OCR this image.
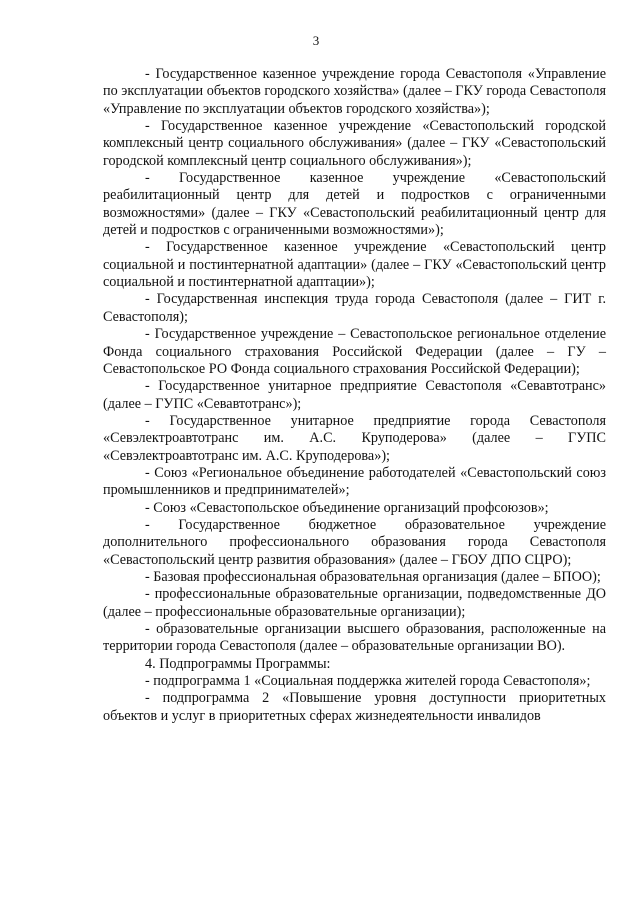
3

- Государственное казенное учреждение города Севастополя «Управление по эксплуатации объектов городского хозяйства» (далее – ГКУ города Севастополя «Управление по эксплуатации объектов городского хозяйства»);

- Государственное казенное учреждение «Севастопольский городской комплексный центр социального обслуживания» (далее – ГКУ «Севастопольский городской комплексный центр социального обслуживания»);

- Государственное казенное учреждение «Севастопольский реабилитационный центр для детей и подростков с ограниченными возможностями» (далее – ГКУ «Севастопольский реабилитационный центр для детей и подростков с ограниченными возможностями»);

- Государственное казенное учреждение «Севастопольский центр социальной и постинтернатной адаптации» (далее – ГКУ «Севастопольский центр социальной и постинтернатной адаптации»);

- Государственная инспекция труда города Севастополя (далее – ГИТ г. Севастополя);

- Государственное учреждение – Севастопольское региональное отделение Фонда социального страхования Российской Федерации (далее – ГУ – Севастопольское РО Фонда социального страхования Российской Федерации);

- Государственное унитарное предприятие Севастополя «Севавтотранс» (далее – ГУПС «Севавтотранс»);

- Государственное унитарное предприятие города Севастополя «Севэлектроавтотранс им. А.С. Круподерова» (далее – ГУПС «Севэлектроавтотранс им. А.С. Круподерова»);

- Союз «Региональное объединение работодателей «Севастопольский союз промышленников и предпринимателей»;

- Союз «Севастопольское объединение организаций профсоюзов»;

- Государственное бюджетное образовательное учреждение дополнительного профессионального образования города Севастополя «Севастопольский центр развития образования» (далее – ГБОУ ДПО СЦРО);

- Базовая профессиональная образовательная организация (далее – БПОО);

- профессиональные образовательные организации, подведомственные ДО (далее – профессиональные образовательные организации);

- образовательные организации высшего образования, расположенные на территории города Севастополя (далее – образовательные организации ВО).

4. Подпрограммы Программы:

- подпрограмма 1 «Социальная поддержка жителей города Севастополя»;

- подпрограмма 2 «Повышение уровня доступности приоритетных объектов и услуг в приоритетных сферах жизнедеятельности инвалидов
